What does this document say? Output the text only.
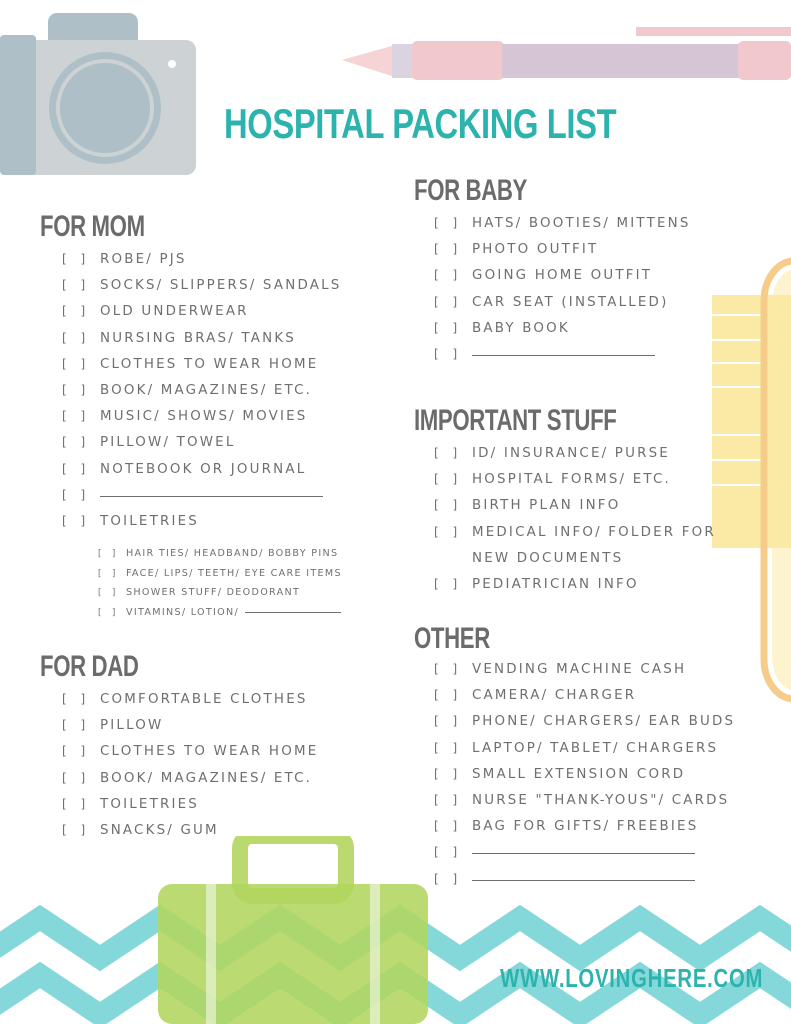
HOSPITAL PACKING LIST
FOR MOM
[ ] ROBE/ PJS
[ ] SOCKS/ SLIPPERS/ SANDALS
[ ] OLD UNDERWEAR
[ ] NURSING BRAS/ TANKS
[ ] CLOTHES TO WEAR HOME
[ ] BOOK/ MAGAZINES/ ETC.
[ ] MUSIC/ SHOWS/ MOVIES
[ ] PILLOW/ TOWEL
[ ] NOTEBOOK OR JOURNAL
[ ]
[ ] TOILETRIES
[ ] HAIR TIES/ HEADBAND/ BOBBY PINS
[ ] FACE/ LIPS/ TEETH/ EYE CARE ITEMS
[ ] SHOWER STUFF/ DEODORANT
[ ] VITAMINS/ LOTION/
FOR DAD
[ ] COMFORTABLE CLOTHES
[ ] PILLOW
[ ] CLOTHES TO WEAR HOME
[ ] BOOK/ MAGAZINES/ ETC.
[ ] TOILETRIES
[ ] SNACKS/ GUM
FOR BABY
[ ] HATS/ BOOTIES/ MITTENS
[ ] PHOTO OUTFIT
[ ] GOING HOME OUTFIT
[ ] CAR SEAT (INSTALLED)
[ ] BABY BOOK
[ ]
IMPORTANT STUFF
[ ] ID/ INSURANCE/ PURSE
[ ] HOSPITAL FORMS/ ETC.
[ ] BIRTH PLAN INFO
[ ] MEDICAL INFO/ FOLDER FOR
NEW DOCUMENTS
[ ] PEDIATRICIAN INFO
OTHER
[ ] VENDING MACHINE CASH
[ ] CAMERA/ CHARGER
[ ] PHONE/ CHARGERS/ EAR BUDS
[ ] LAPTOP/ TABLET/ CHARGERS
[ ] SMALL EXTENSION CORD
[ ] NURSE "THANK-YOUS"/ CARDS
[ ] BAG FOR GIFTS/ FREEBIES
[ ]
[ ]
WWW.LOVINGHERE.COM
